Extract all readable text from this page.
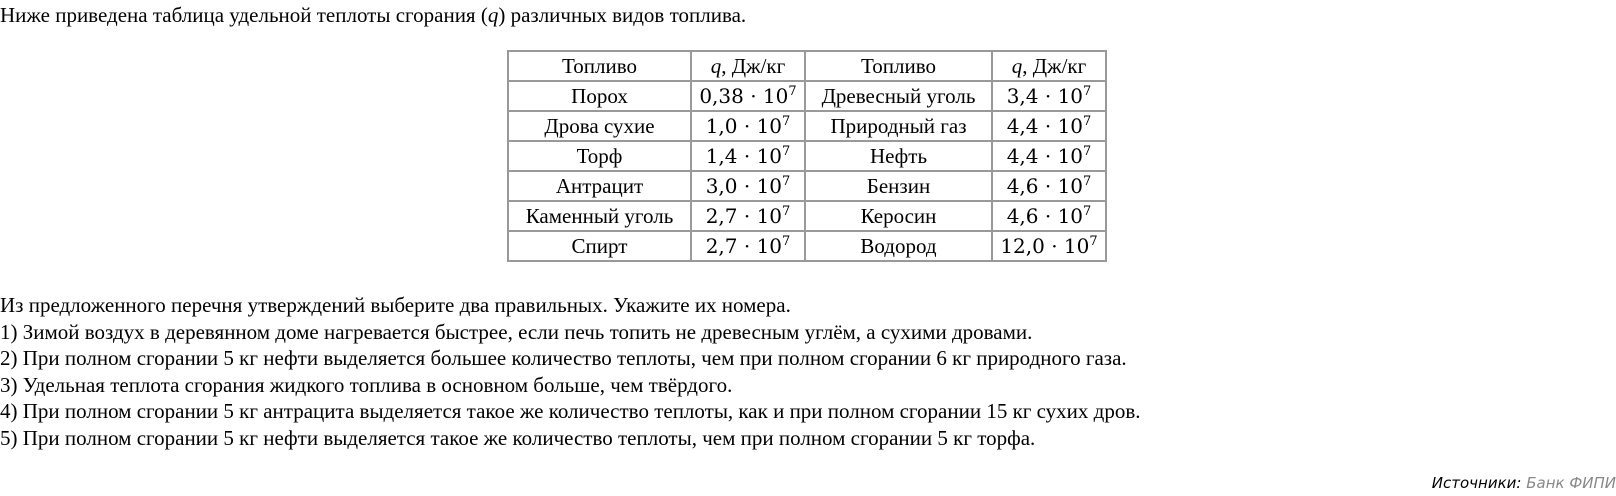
Ниже приведена таблица удельной теплоты сгорания (q) различных видов топлива.
Топливо	q, Дж/кг	Топливо	q, Дж/кг
Порох	$0,38 \cdot 10^7$	Древесный уголь	$3,4 \cdot 10^7$
Дрова сухие	$1,0 \cdot 10^7$	Природный газ	$4,4 \cdot 10^7$
Торф	$1,4 \cdot 10^7$	Нефть	$4,4 \cdot 10^7$
Антрацит	$3,0 \cdot 10^7$	Бензин	$4,6 \cdot 10^7$
Каменный уголь	$2,7 \cdot 10^7$	Керосин	$4,6 \cdot 10^7$
Спирт	$2,7 \cdot 10^7$	Водород	$12,0 \cdot 10^7$
Из предложенного перечня утверждений выберите два правильных. Укажите их номера.
1) Зимой воздух в деревянном доме нагревается быстрее, если печь топить не древесным углём, а сухими дровами.
2) При полном сгорании 5 кг нефти выделяется большее количество теплоты, чем при полном сгорании 6 кг природного газа.
3) Удельная теплота сгорания жидкого топлива в основном больше, чем твёрдого.
4) При полном сгорании 5 кг антрацита выделяется такое же количество теплоты, как и при полном сгорании 15 кг сухих дров.
5) При полном сгорании 5 кг нефти выделяется такое же количество теплоты, чем при полном сгорании 5 кг торфа.
Источники: Банк ФИПИ
